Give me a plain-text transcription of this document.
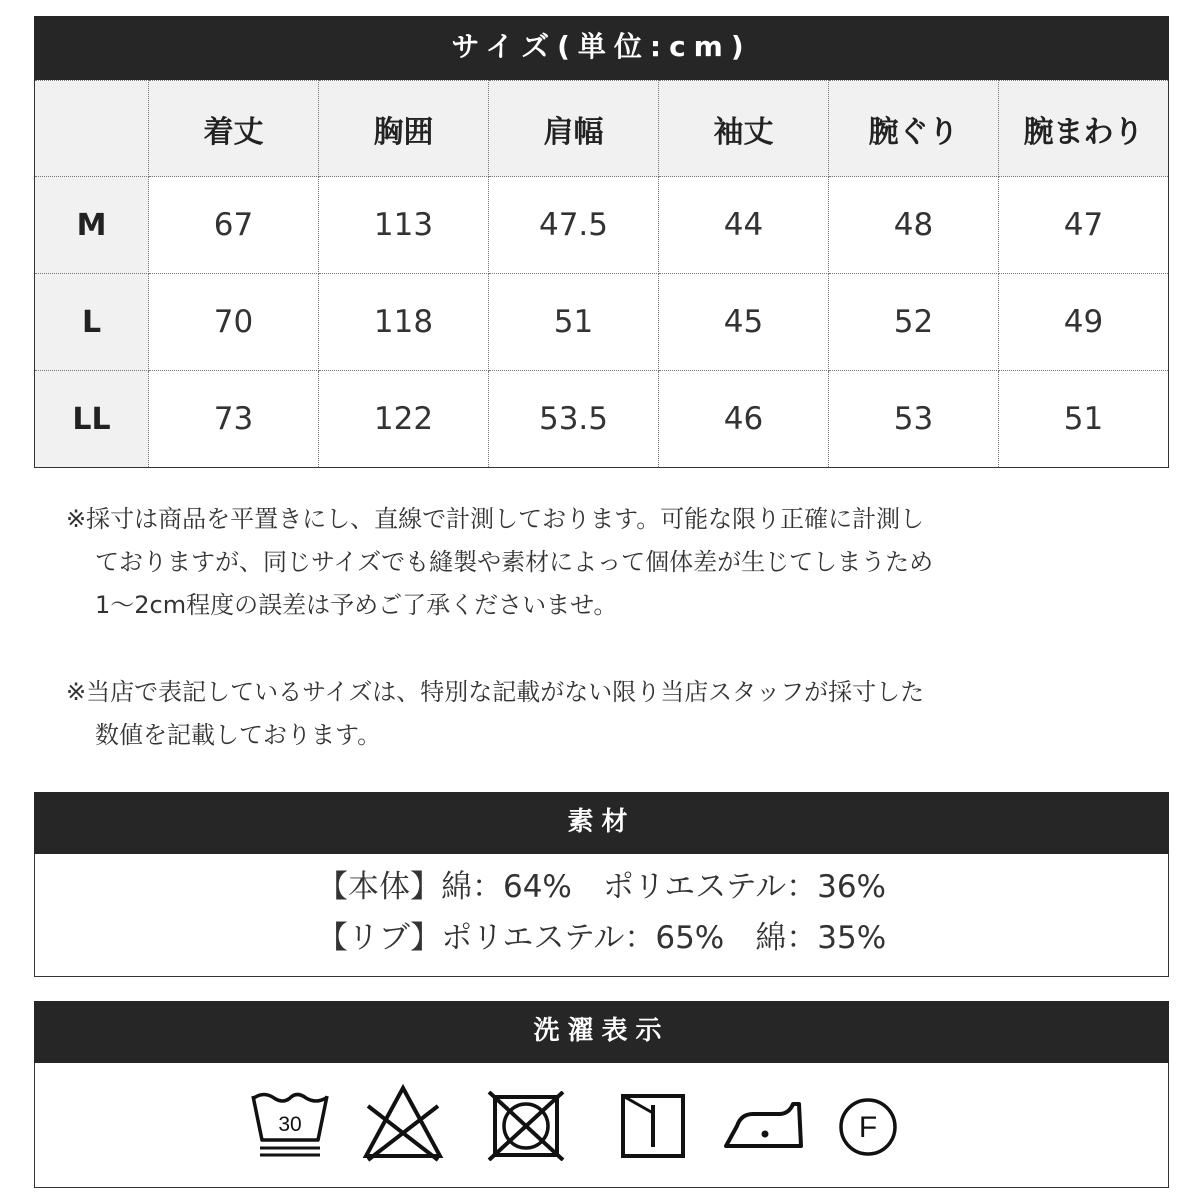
サイズ(単位:cm)
	着丈	胸囲	肩幅	袖丈	腕ぐり	腕まわり
M	67	113	47.5	44	48	47
L	70	118	51	45	52	49
LL	73	122	53.5	46	53	51

※採寸は商品を平置きにし、直線で計測しております。可能な限り正確に計測し

ておりますが、同じサイズでも縫製や素材によって個体差が生じてしまうため

1～2cm程度の誤差は予めご了承くださいませ。

※当店で表記しているサイズは、特別な記載がない限り当店スタッフが採寸した

数値を記載しております。

素材

【本体】綿：64%　ポリエステル：36%

【リブ】ポリエステル：65%　綿：35%

洗濯表示
30	F
